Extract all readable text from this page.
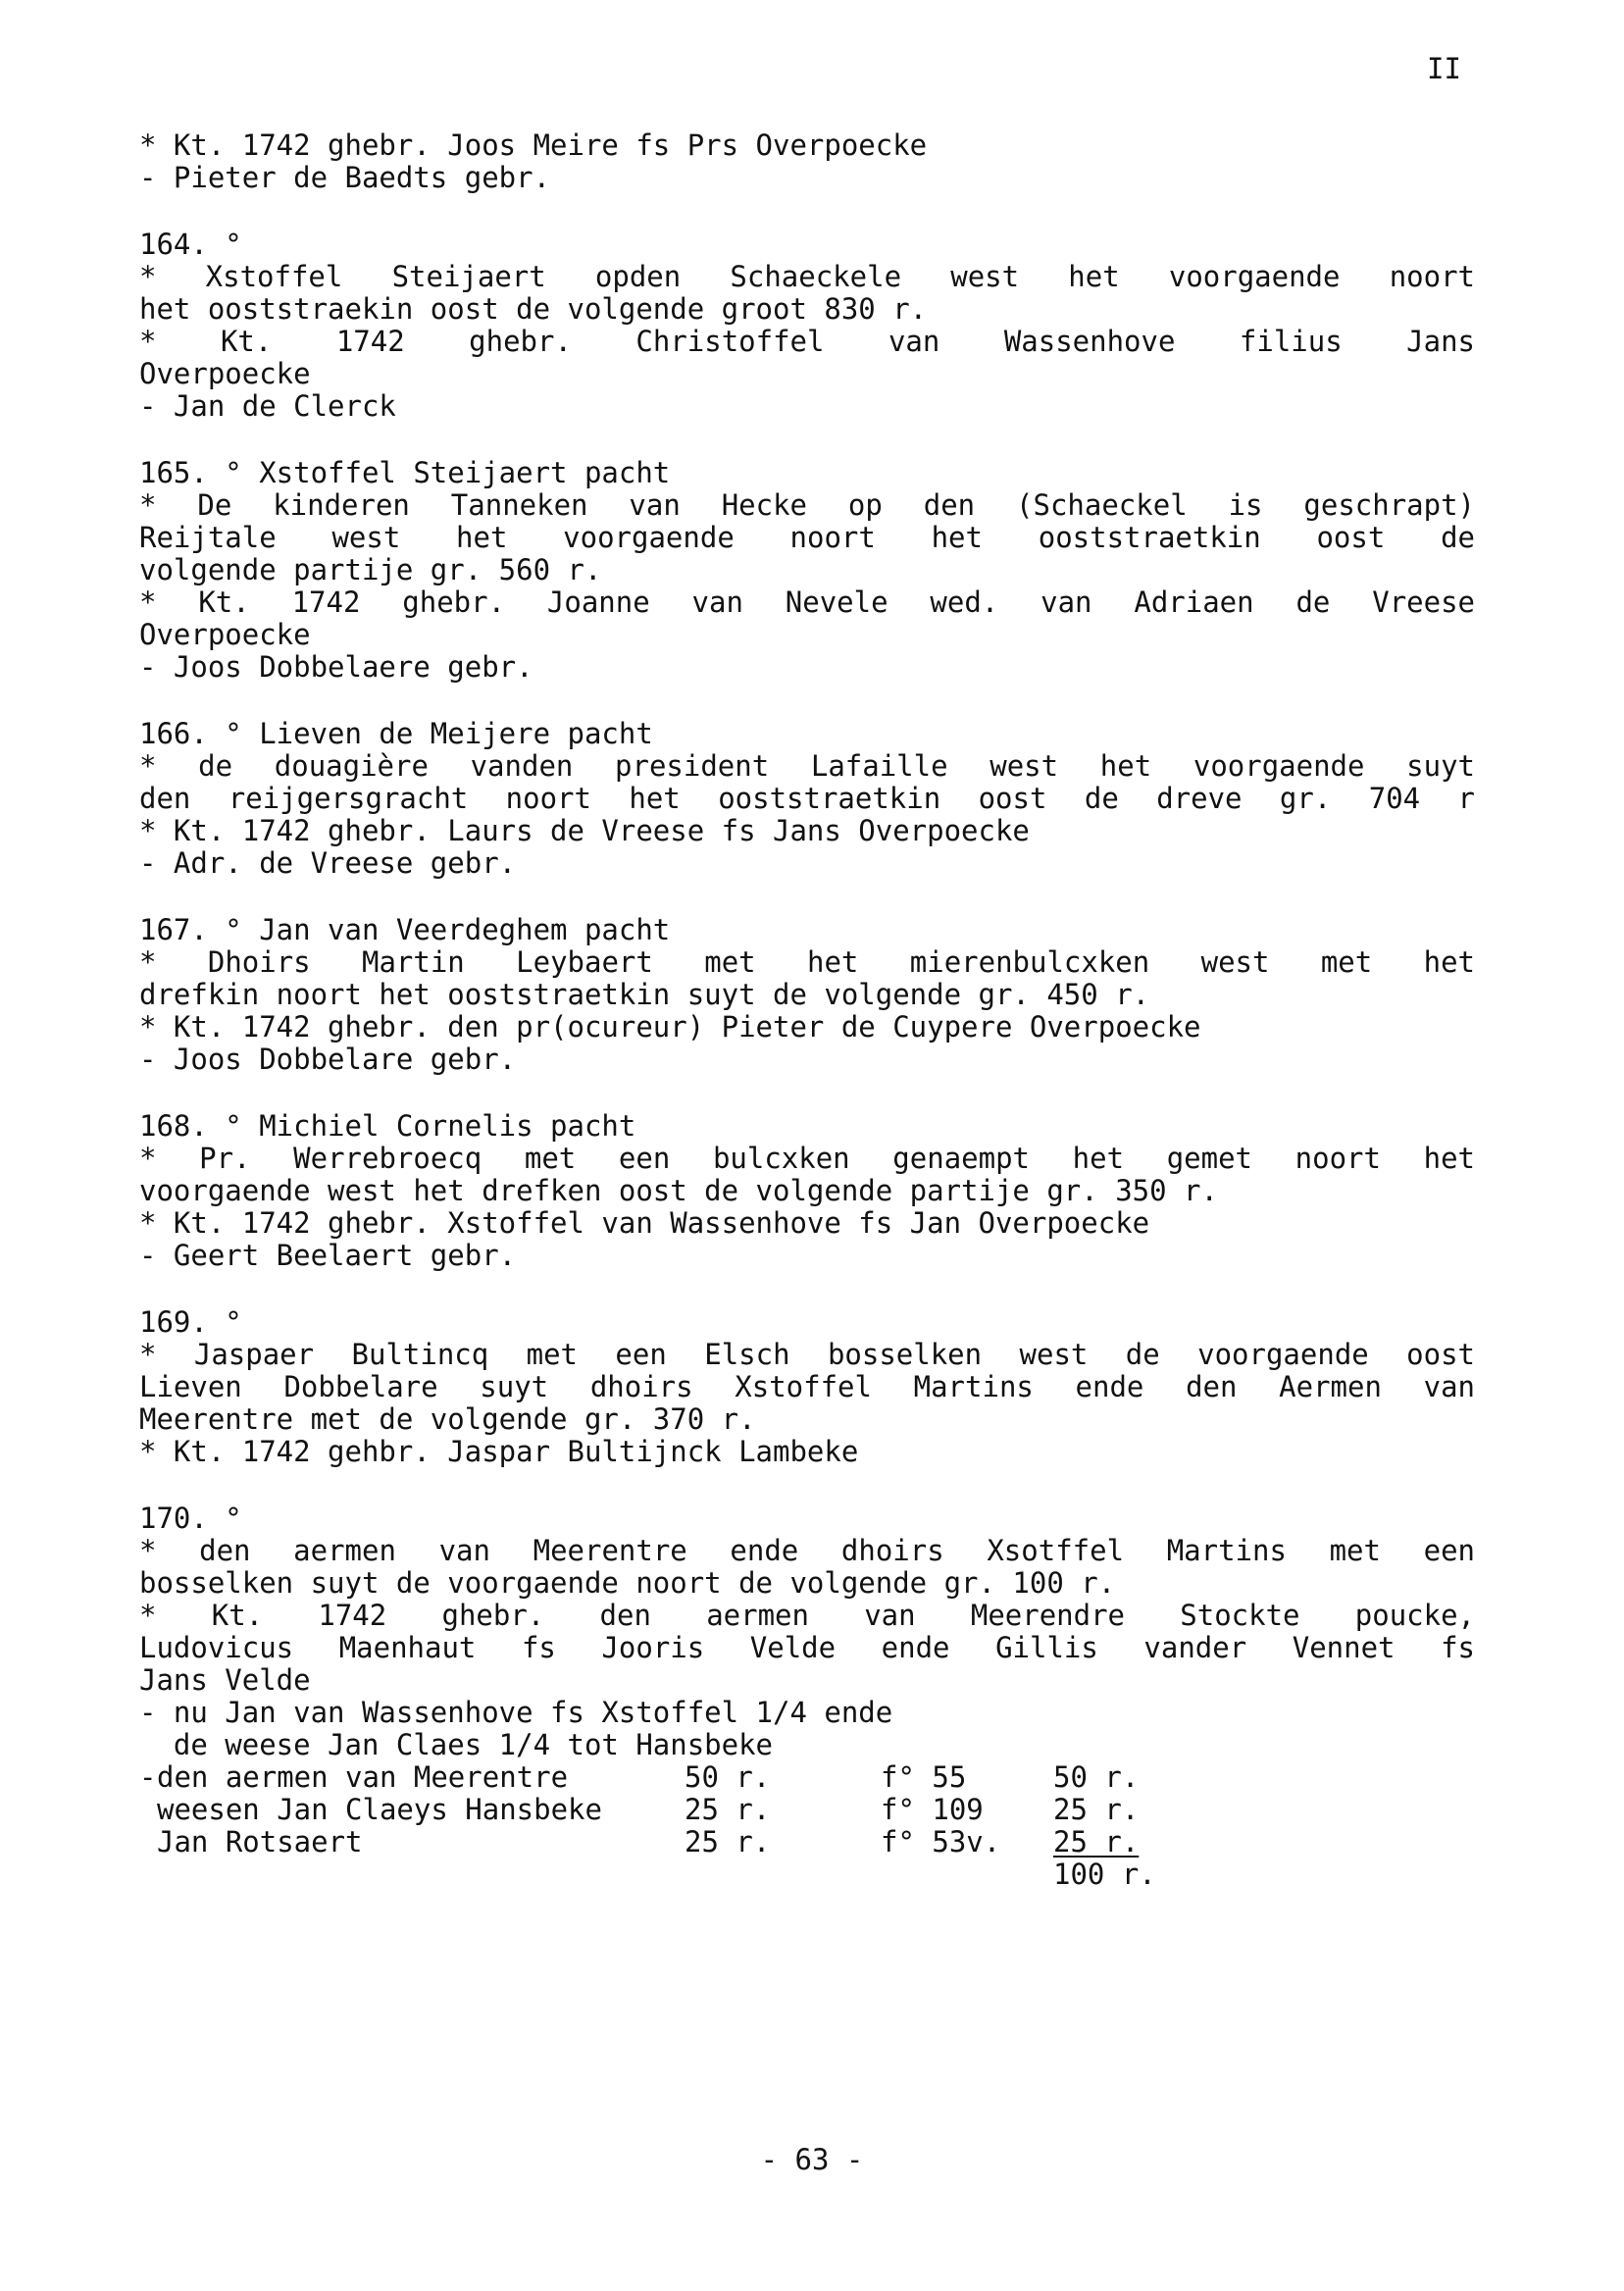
II
* Kt. 1742 ghebr. Joos Meire fs Prs Overpoecke
- Pieter de Baedts gebr.
164. °
* Xstoffel Steijaert opden Schaeckele west het voorgaende noort
het ooststraekin oost de volgende groot 830 r.
* Kt. 1742 ghebr. Christoffel van Wassenhove filius Jans
Overpoecke
- Jan de Clerck
165. ° Xstoffel Steijaert pacht
* De kinderen Tanneken van Hecke op den (Schaeckel is geschrapt)
Reijtale west het voorgaende noort het ooststraetkin oost de
volgende partije gr. 560 r.
* Kt. 1742 ghebr. Joanne van Nevele wed. van Adriaen de Vreese
Overpoecke
- Joos Dobbelaere gebr.
166. ° Lieven de Meijere pacht
* de douagière vanden president Lafaille west het voorgaende suyt
den reijgersgracht noort het ooststraetkin oost de dreve gr. 704 r
* Kt. 1742 ghebr. Laurs de Vreese fs Jans Overpoecke
- Adr. de Vreese gebr.
167. ° Jan van Veerdeghem pacht
* Dhoirs Martin Leybaert met het mierenbulcxken west met het
drefkin noort het ooststraetkin suyt de volgende gr. 450 r.
* Kt. 1742 ghebr. den pr(ocureur) Pieter de Cuypere Overpoecke
- Joos Dobbelare gebr.
168. ° Michiel Cornelis pacht
* Pr. Werrebroecq met een bulcxken genaempt het gemet noort het
voorgaende west het drefken oost de volgende partije gr. 350 r.
* Kt. 1742 ghebr. Xstoffel van Wassenhove fs Jan Overpoecke
- Geert Beelaert gebr.
169. °
* Jaspaer Bultincq met een Elsch bosselken west de voorgaende oost
Lieven Dobbelare suyt dhoirs Xstoffel Martins ende den Aermen van
Meerentre met de volgende gr. 370 r.
* Kt. 1742 gehbr. Jaspar Bultijnck Lambeke
170. °
* den aermen van Meerentre ende dhoirs Xsotffel Martins met een
bosselken suyt de voorgaende noort de volgende gr. 100 r.
* Kt. 1742 ghebr. den aermen van Meerendre Stockte poucke,
Ludovicus Maenhaut fs Jooris Velde ende Gillis vander Vennet fs
Jans Velde
- nu Jan van Wassenhove fs Xstoffel 1/4 ende
de weese Jan Claes 1/4 tot Hansbeke
- den aermen van Meerentre	50 r.	f° 55	50 r.
weesen Jan Claeys Hansbeke	25 r.	f° 109	25 r.
Jan Rotsaert	25 r.	f° 53v.	25 r.
100 r.
- 63 -
